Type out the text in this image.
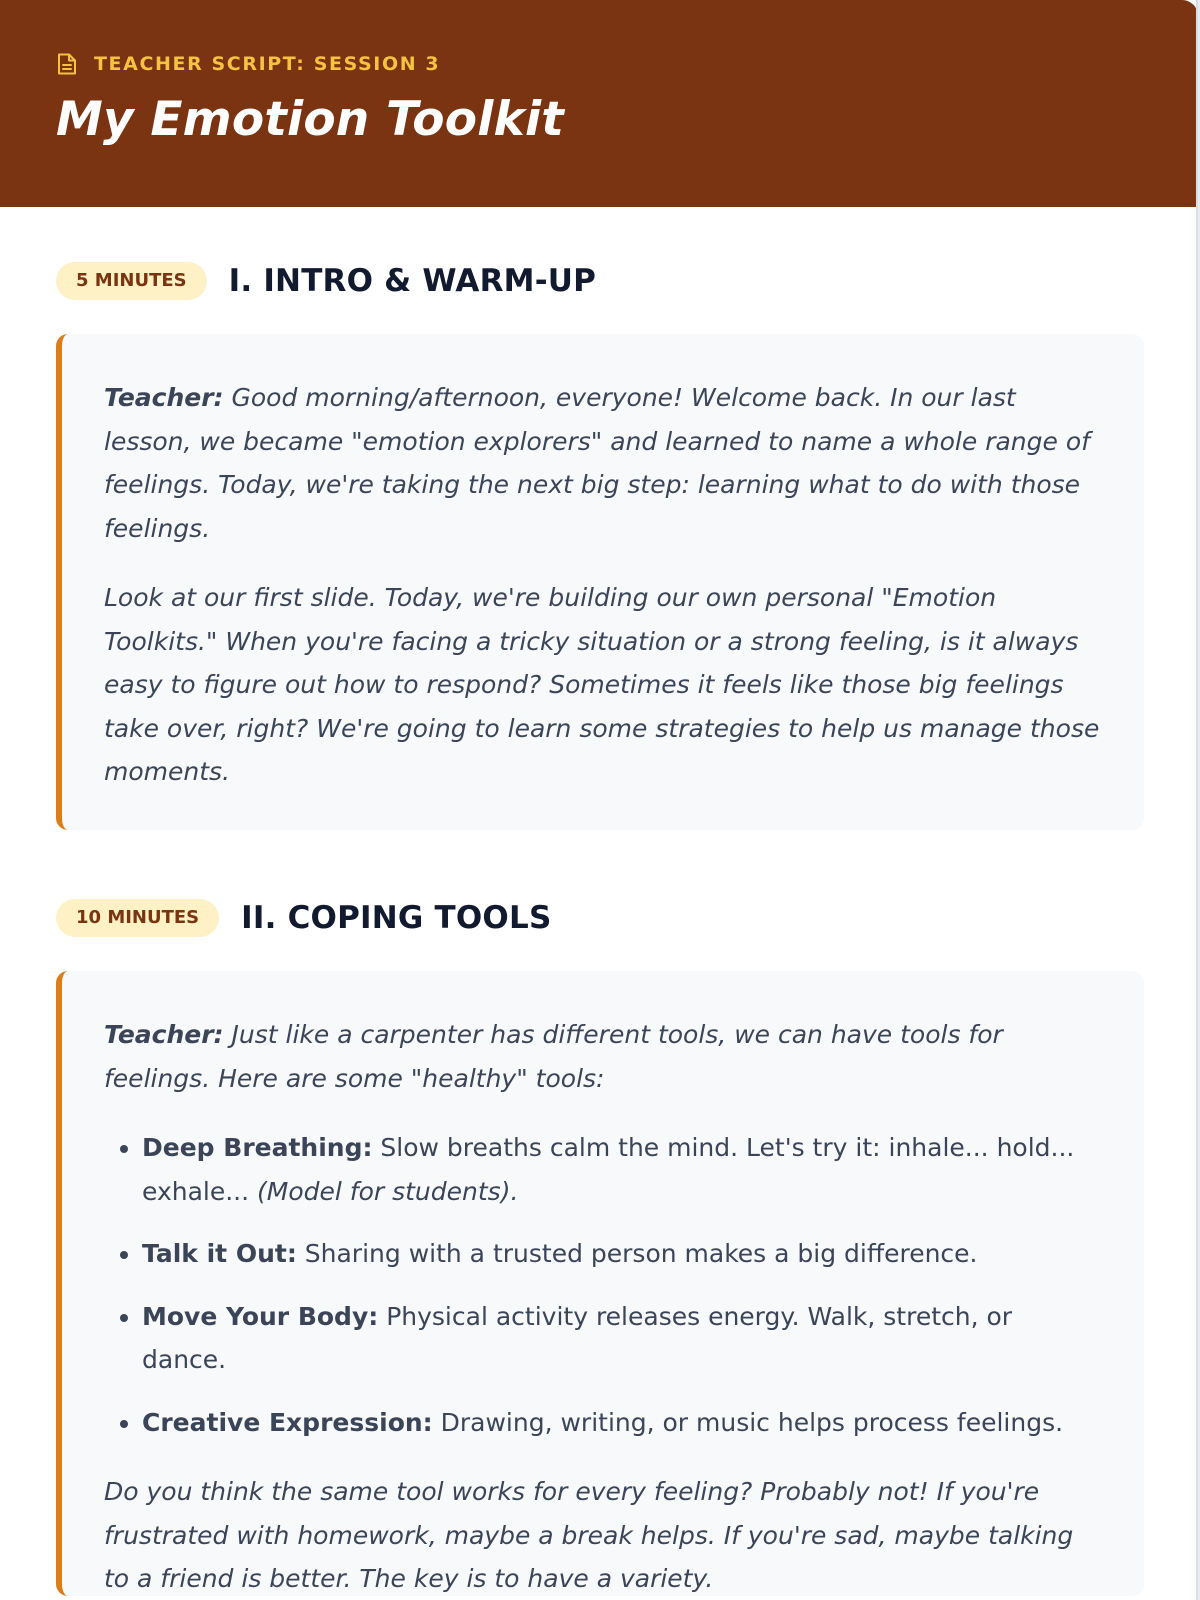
TEACHER SCRIPT: SESSION 3
My Emotion Toolkit
5 MINUTES	I. INTRO & WARM-UP

Teacher: Good morning/afternoon, everyone! Welcome back. In our last lesson, we became "emotion explorers" and learned to name a whole range of feelings. Today, we're taking the next big step: learning what to do with those feelings.

Look at our first slide. Today, we're building our own personal "Emotion Toolkits." When you're facing a tricky situation or a strong feeling, is it always easy to figure out how to respond? Sometimes it feels like those big feelings take over, right? We're going to learn some strategies to help us manage those moments.

10 MINUTES	II. COPING TOOLS

Teacher: Just like a carpenter has different tools, we can have tools for feelings. Here are some "healthy" tools:

• Deep Breathing: Slow breaths calm the mind. Let's try it: inhale... hold... exhale... (Model for students).
• Talk it Out: Sharing with a trusted person makes a big difference.
• Move Your Body: Physical activity releases energy. Walk, stretch, or dance.
• Creative Expression: Drawing, writing, or music helps process feelings.

Do you think the same tool works for every feeling? Probably not! If you're frustrated with homework, maybe a break helps. If you're sad, maybe talking to a friend is better. The key is to have a variety.
